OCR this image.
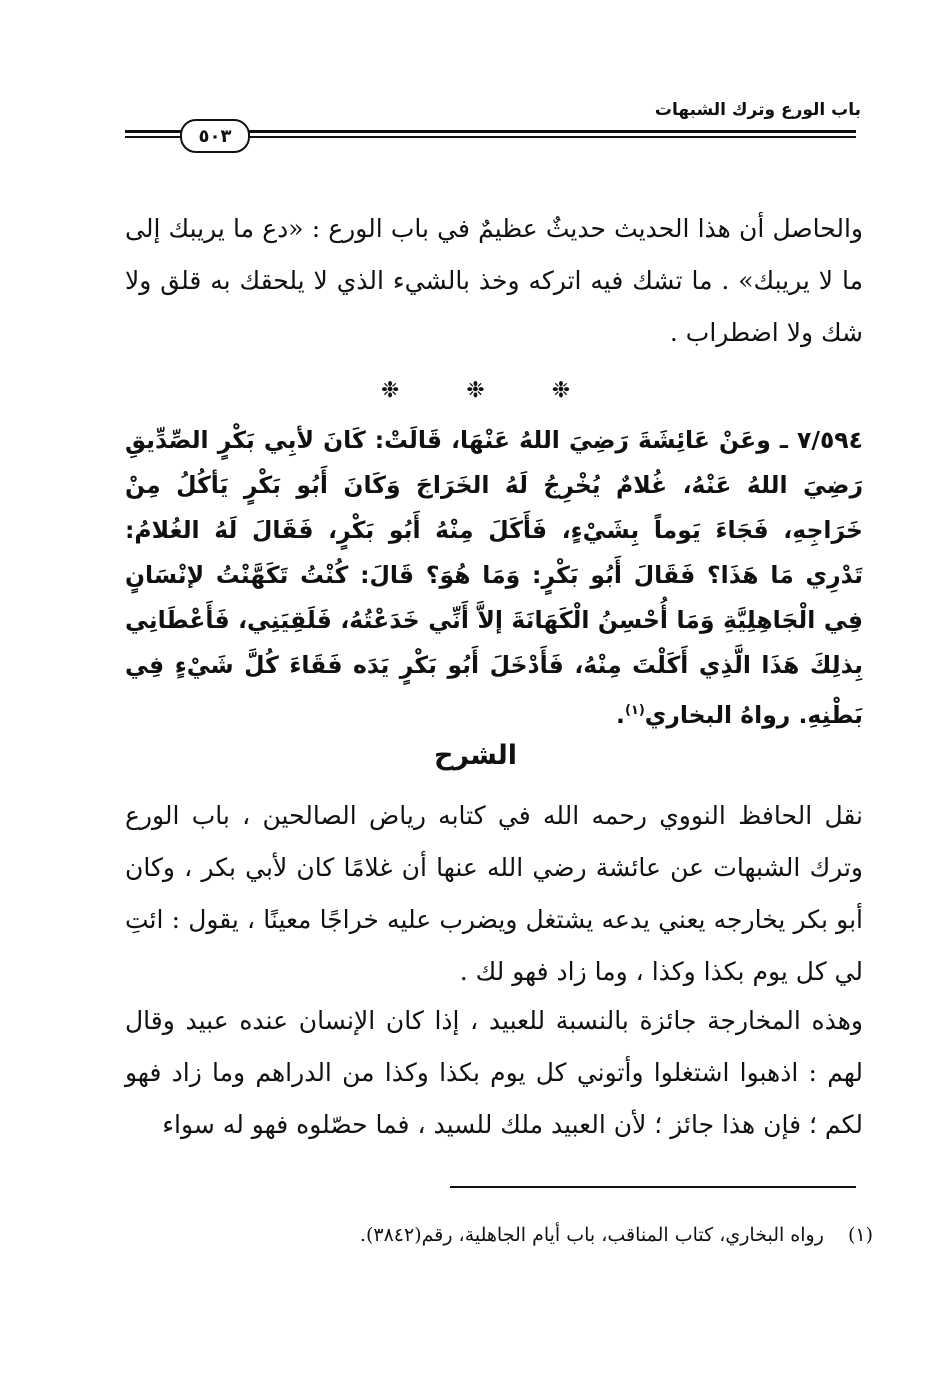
باب الورع وترك الشبهات
٥٠٣
والحاصل أن هذا الحديث حديثٌ عظيمٌ في باب الورع : «دع ما يريبك إلى ما لا يريبك» . ما تشك فيه اتركه وخذ بالشيء الذي لا يلحقك به قلق ولا شك ولا اضطراب .
❉	❉	❉
٧/٥٩٤ ـ وعَنْ عَائِشَةَ رَضِيَ اللهُ عَنْهَا، قَالَتْ: كَانَ لأبِي بَكْرٍ الصِّدِّيقِ رَضِيَ اللهُ عَنْهُ، غُلامٌ يُخْرِجُ لَهُ الخَرَاجَ وَكَانَ أَبُو بَكْرٍ يَأكُلُ مِنْ خَرَاجِهِ، فَجَاءَ يَوماً بِشَيْءٍ، فَأَكَلَ مِنْهُ أَبُو بَكْرٍ، فَقَالَ لَهُ الغُلامُ: تَدْرِي مَا هَذَا؟ فَقَالَ أَبُو بَكْرٍ: وَمَا هُوَ؟ قَالَ: كُنْتُ تَكَهَّنْتُ لإنْسَانٍ فِي الْجَاهِلِيَّةِ وَمَا أُحْسِنُ الْكَهَانَةَ إلاَّ أَنِّي خَدَعْتُهُ، فَلَقِيَنِي، فَأَعْطَانِي بِذلِكَ هَذَا الَّذِي أَكَلْتَ مِنْهُ، فَأَدْخَلَ أَبُو بَكْرٍ يَدَه فَقَاءَ كُلَّ شَيْءٍ فِي بَطْنِهِ. رواهُ البخاري$^{(١)}$.
الشرح
نقل الحافظ النووي رحمه الله في كتابه رياض الصالحين ، باب الورع وترك الشبهات عن عائشة رضي الله عنها أن غلامًا كان لأبي بكر ، وكان أبو بكر يخارجه يعني يدعه يشتغل ويضرب عليه خراجًا معينًا ، يقول : ائتِ لي كل يوم بكذا وكذا ، وما زاد فهو لك .
وهذه المخارجة جائزة بالنسبة للعبيد ، إذا كان الإنسان عنده عبيد وقال لهم : اذهبوا اشتغلوا وأتوني كل يوم بكذا وكذا من الدراهم وما زاد فهو لكم ؛ فإن هذا جائز ؛ لأن العبيد ملك للسيد ، فما حصّلوه فهو له سواء
(١) رواه البخاري، كتاب المناقب، باب أيام الجاهلية، رقم(٣٨٤٢).
